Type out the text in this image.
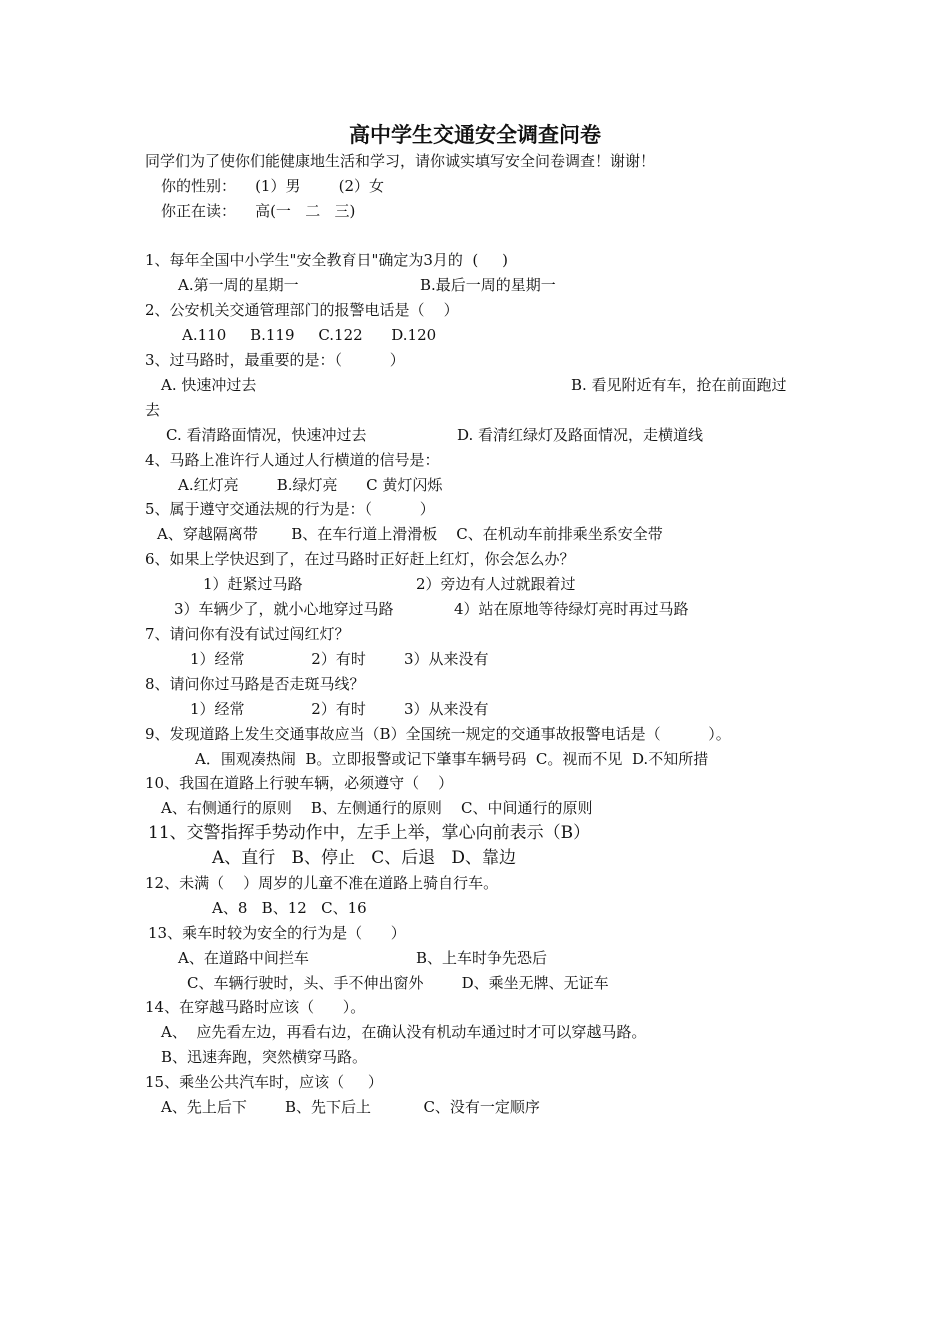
高中学生交通安全调查问卷
同学们为了使你们能健康地生活和学习，请你诚实填写安全问卷调查！谢谢！
你的性别：    (1）男        (2）女
你正在读：    高(一   二   三)
1、每年全国中小学生"安全教育日"确定为3月的  (     )
A.第一周的星期一	B.最后一周的星期一
2、公安机关交通管理部门的报警电话是（    ）
A.110     B.119     C.122      D.120
3、过马路时，最重要的是：（          ）
A. 快速冲过去	B. 看见附近有车，抢在前面跑过
去
C. 看清路面情况，快速冲过去	D. 看清红绿灯及路面情况，走横道线
4、马路上准许行人通过人行横道的信号是：
A.红灯亮        B.绿灯亮      C 黄灯闪烁
5、属于遵守交通法规的行为是：（          ）
A、穿越隔离带       B、在车行道上滑滑板    C、在机动车前排乘坐系安全带
6、如果上学快迟到了，在过马路时正好赶上红灯，你会怎么办？
1）赶紧过马路	2）旁边有人过就跟着过
3）车辆少了，就小心地穿过马路	4）站在原地等待绿灯亮时再过马路
7、请问你有没有试过闯红灯？
1）经常              2）有时        3）从来没有
8、请问你过马路是否走斑马线？
1）经常              2）有时        3）从来没有
9、发现道路上发生交通事故应当（B）全国统一规定的交通事故报警电话是（          ）。
A．围观凑热闹  B。立即报警或记下肇事车辆号码  C。视而不见  D.不知所措
10、我国在道路上行驶车辆，必须遵守（    ）
A、右侧通行的原则    B、左侧通行的原则    C、中间通行的原则
11、交警指挥手势动作中，左手上举，掌心向前表示（B）
A、直行   B、停止   C、后退   D、靠边
12、未满（    ）周岁的儿童不准在道路上骑自行车。
A、8   B、12   C、16
13、乘车时较为安全的行为是（      ）
A、在道路中间拦车	B、上车时争先恐后
C、车辆行驶时，头、手不伸出窗外        D、乘坐无牌、无证车
14、在穿越马路时应该（      ）。
A、  应先看左边，再看右边，在确认没有机动车通过时才可以穿越马路。
B、迅速奔跑，突然横穿马路。
15、乘坐公共汽车时，应该（     ）
A、先上后下        B、先下后上           C、没有一定顺序
